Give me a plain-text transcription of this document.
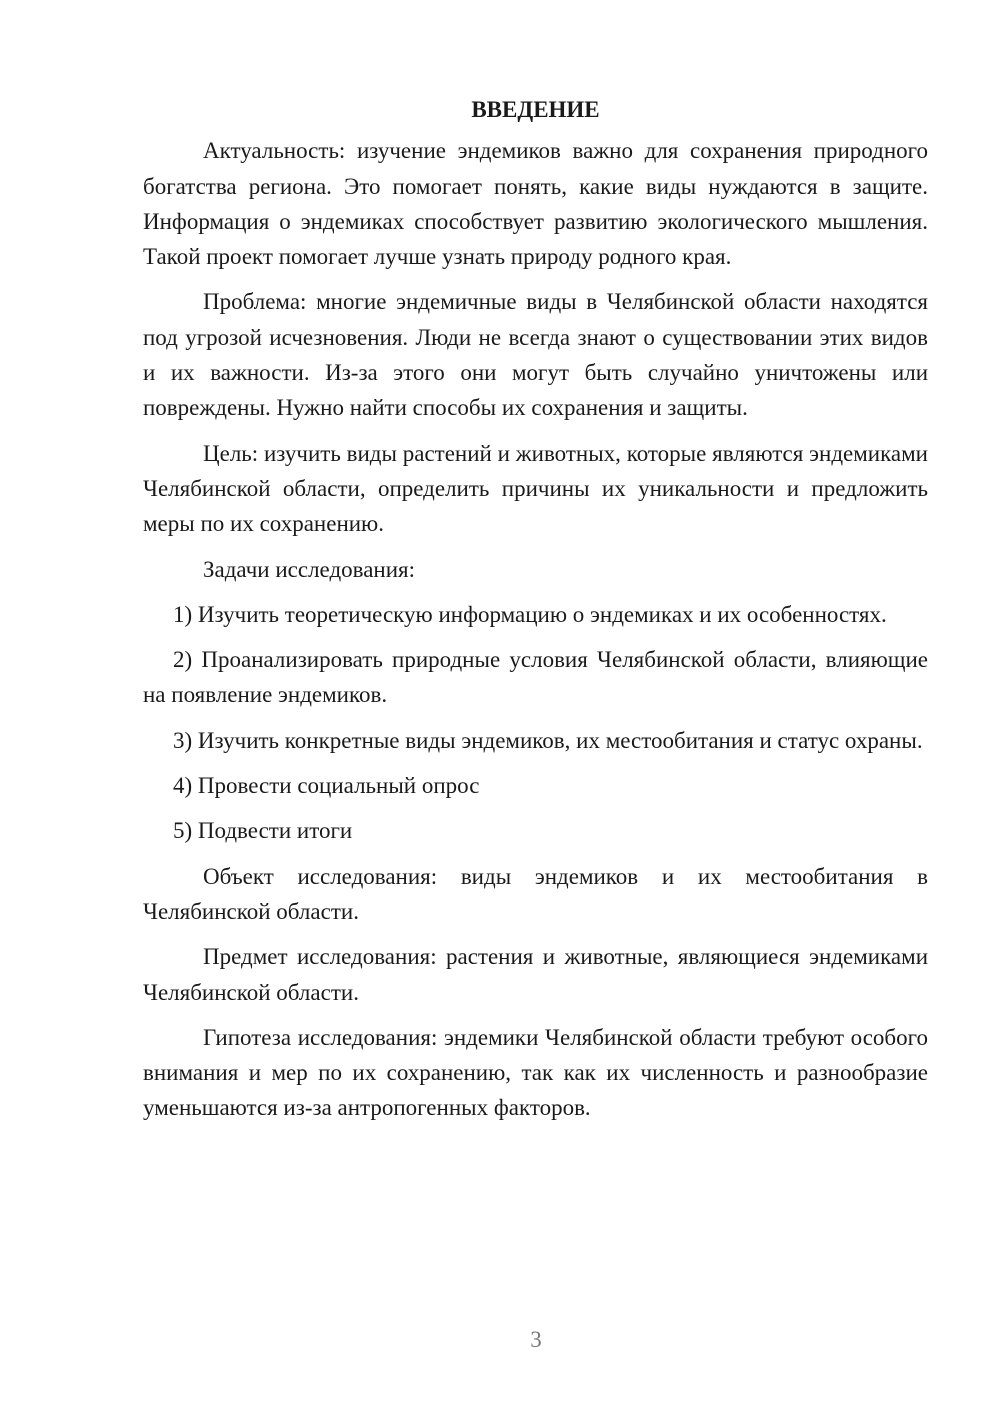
ВВЕДЕНИЕ

Актуальность: изучение эндемиков важно для сохранения природного богатства региона. Это помогает понять, какие виды нуждаются в защите. Информация о эндемиках способствует развитию экологического мышления. Такой проект помогает лучше узнать природу родного края.

Проблема: многие эндемичные виды в Челябинской области находятся под угрозой исчезновения. Люди не всегда знают о существовании этих видов и их важности. Из-за этого они могут быть случайно уничтожены или повреждены. Нужно найти способы их сохранения и защиты.

Цель: изучить виды растений и животных, которые являются эндемиками Челябинской области, определить причины их уникальности и предложить меры по их сохранению.

Задачи исследования:

1) Изучить теоретическую информацию о эндемиках и их особенностях.

2) Проанализировать природные условия Челябинской области, влияющие на появление эндемиков.

3) Изучить конкретные виды эндемиков, их местообитания и статус охраны.

4) Провести социальный опрос

5) Подвести итоги

Объект исследования: виды эндемиков и их местообитания в Челябинской области.

Предмет исследования: растения и животные, являющиеся эндемиками Челябинской области.

Гипотеза исследования: эндемики Челябинской области требуют особого внимания и мер по их сохранению, так как их численность и разнообразие уменьшаются из-за антропогенных факторов.

3
